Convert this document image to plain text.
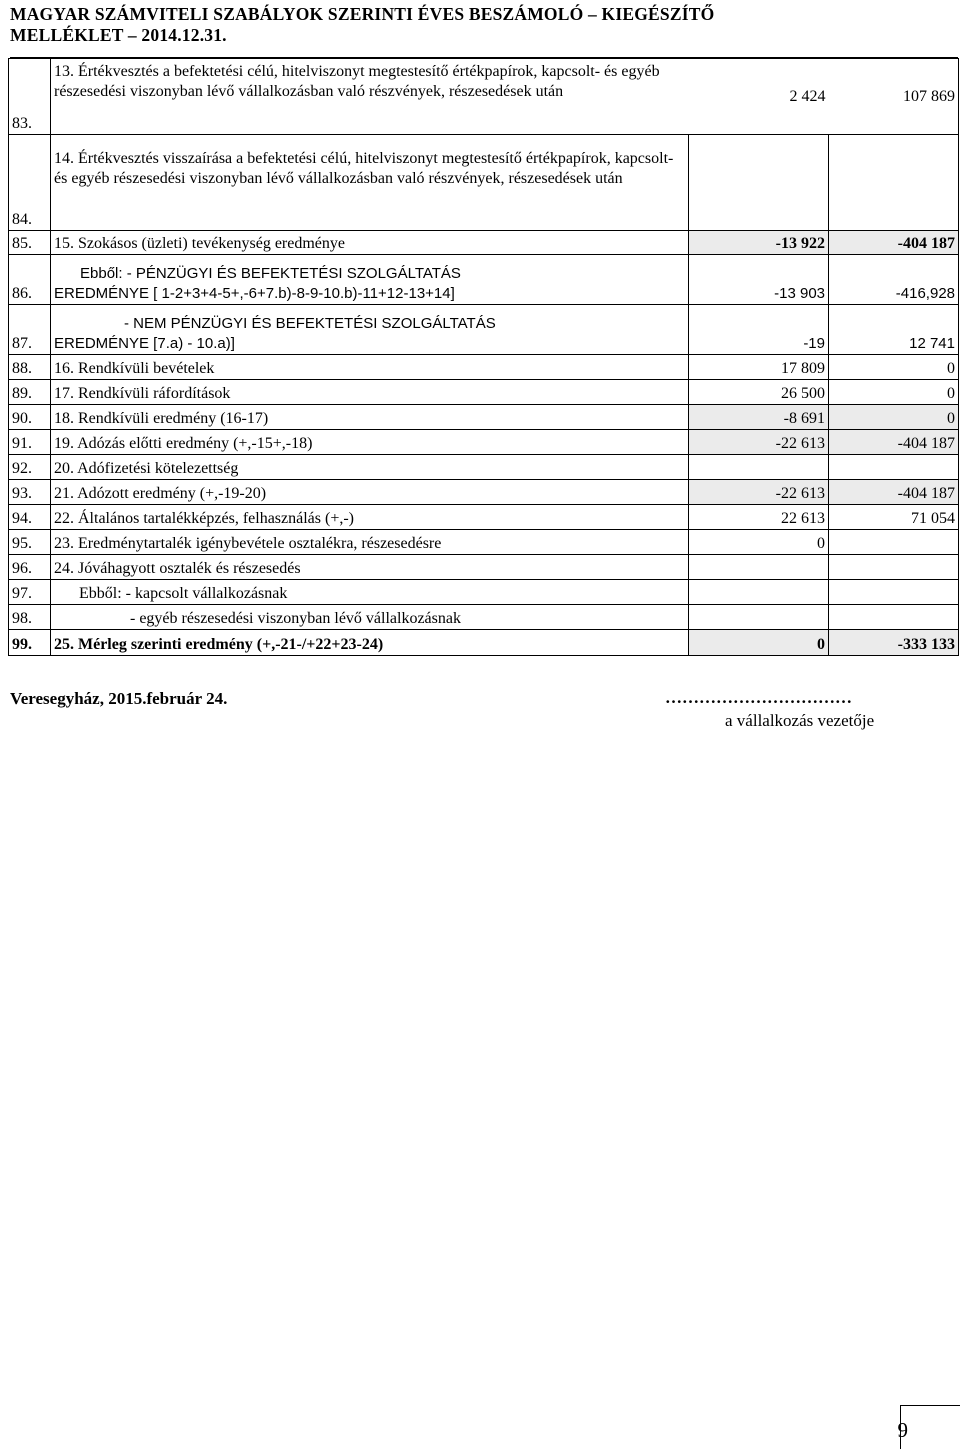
MAGYAR SZÁMVITELI SZABÁLYOK SZERINTI ÉVES BESZÁMOLÓ – KIEGÉSZÍTŐ
MELLÉKLET – 2014.12.31.
83.	13. Értékvesztés a befektetési célú, hitelviszonyt megtestesítő értékpapírok, kapcsolt- és egyéb részesedési viszonyban lévő vállalkozásban való részvények, részesedések után	2 424	107 869
84.	14. Értékvesztés visszaírása a befektetési célú, hitelviszonyt megtestesítő értékpapírok, kapcsolt- és egyéb részesedési viszonyban lévő vállalkozásban való részvények, részesedések után		
85.	15. Szokásos (üzleti) tevékenység eredménye	-13 922	-404 187
86.	Ebből: - PÉNZÜGYI ÉS BEFEKTETÉSI SZOLGÁLTATÁS
EREDMÉNYE [ 1-2+3+4-5+,-6+7.b)-8-9-10.b)-11+12-13+14]	-13 903	-416,928
87.	- NEM PÉNZÜGYI ÉS BEFEKTETÉSI SZOLGÁLTATÁS
EREDMÉNYE [7.a) - 10.a)]	-19	12 741
88.	16. Rendkívüli bevételek	17 809	0
89.	17. Rendkívüli ráfordítások	26 500	0
90.	18. Rendkívüli eredmény (16-17)	-8 691	0
91.	19. Adózás előtti eredmény (+,-15+,-18)	-22 613	-404 187
92.	20. Adófizetési kötelezettség		
93.	21. Adózott eredmény (+,-19-20)	-22 613	-404 187
94.	22. Általános tartalékképzés, felhasználás (+,-)	22 613	71 054
95.	23. Eredménytartalék igénybevétele osztalékra, részesedésre	0	
96.	24. Jóváhagyott osztalék és részesedés		
97.	Ebből: - kapcsolt vállalkozásnak		
98.	- egyéb részesedési viszonyban lévő vállalkozásnak		
99.	25. Mérleg szerinti eredmény (+,-21-/+22+23-24)	0	-333 133
Veresegyház, 2015.február 24.	……………………………
a vállalkozás vezetője
9
